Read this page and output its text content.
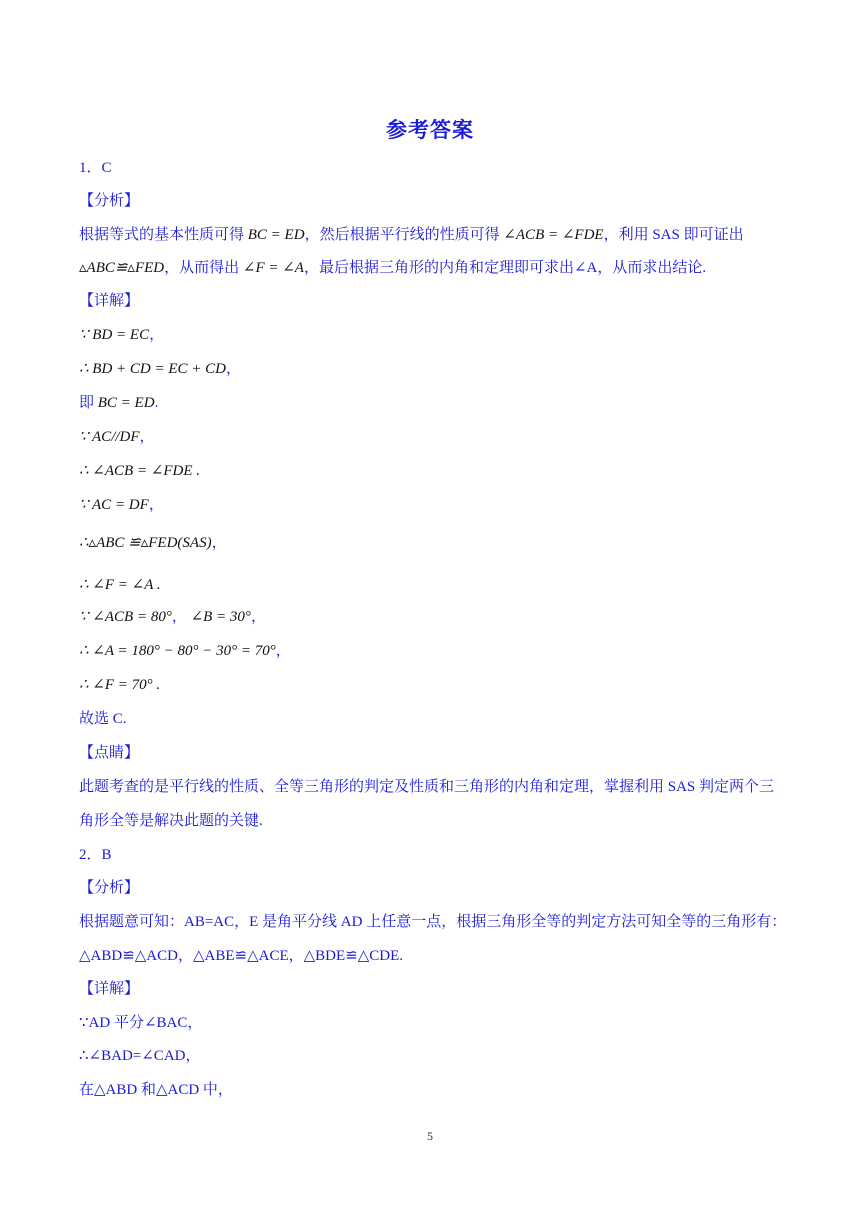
参考答案
1．C
【分析】
根据等式的基本性质可得 BC = ED，然后根据平行线的性质可得 ∠ACB = ∠FDE，利用 SAS 即可证出
▵ABC≌▵FED，从而得出 ∠F = ∠A，最后根据三角形的内角和定理即可求出∠A，从而求出结论.
【详解】
∵ BD = EC，
∴ BD + CD = EC + CD，
即 BC = ED.
∵ AC//DF，
∴ ∠ACB = ∠FDE .
∵ AC = DF，
∴▵ABC ≌▵FED(SAS)，
∴ ∠F = ∠A .
∵ ∠ACB = 80°， ∠B = 30°，
∴ ∠A = 180° − 80° − 30° = 70°，
∴ ∠F = 70° .
故选 C.
【点睛】
此题考查的是平行线的性质、全等三角形的判定及性质和三角形的内角和定理，掌握利用 SAS 判定两个三
角形全等是解决此题的关键.
2．B
【分析】
根据题意可知：AB=AC，E 是角平分线 AD 上任意一点，根据三角形全等的判定方法可知全等的三角形有：
△ABD≌△ACD，△ABE≌△ACE，△BDE≌△CDE.
【详解】
∵AD 平分∠BAC，
∴∠BAD=∠CAD，
在△ABD 和△ACD 中，
5
